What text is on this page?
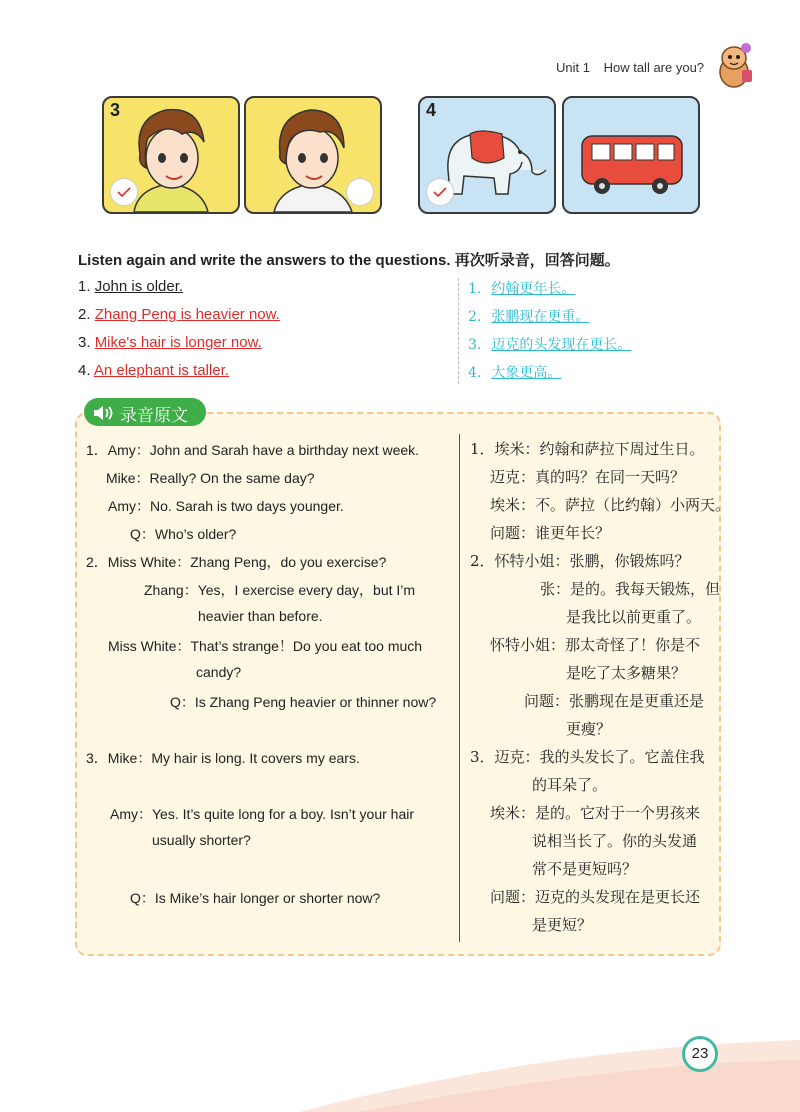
Unit 1 How tall are you?
3	4
Listen again and write the answers to the questions. 再次听录音，回答问题。
1. John is older.
2. Zhang Peng is heavier now.
3. Mike's hair is longer now.
4. An elephant is taller.
1. 约翰更年长。
2. 张鹏现在更重。
3. 迈克的头发现在更长。
4. 大象更高。
录音原文
1．Amy：John and Sarah have a birthday next week.
Mike：Really? On the same day?
Amy：No. Sarah is two days younger.
Q：Who’s older?
2．Miss White：Zhang Peng，do you exercise?
Zhang：Yes，I exercise every day，but I’m
heavier than before.
Miss White：That’s strange！Do you eat too much
candy?
Q：Is Zhang Peng heavier or thinner now?
3．Mike：My hair is long. It covers my ears.
Amy：Yes. It’s quite long for a boy. Isn’t your hair
usually shorter?
Q：Is Mike’s hair longer or shorter now?
1．埃米：约翰和萨拉下周过生日。
迈克：真的吗？在同一天吗？
埃米：不。萨拉（比约翰）小两天。
问题：谁更年长？
2．怀特小姐：张鹏，你锻炼吗？
张：是的。我每天锻炼，但
是我比以前更重了。
怀特小姐：那太奇怪了！你是不
是吃了太多糖果？
问题：张鹏现在是更重还是
更瘦？
3．迈克：我的头发长了。它盖住我
的耳朵了。
埃米：是的。它对于一个男孩来
说相当长了。你的头发通
常不是更短吗？
问题：迈克的头发现在是更长还
是更短？
23
